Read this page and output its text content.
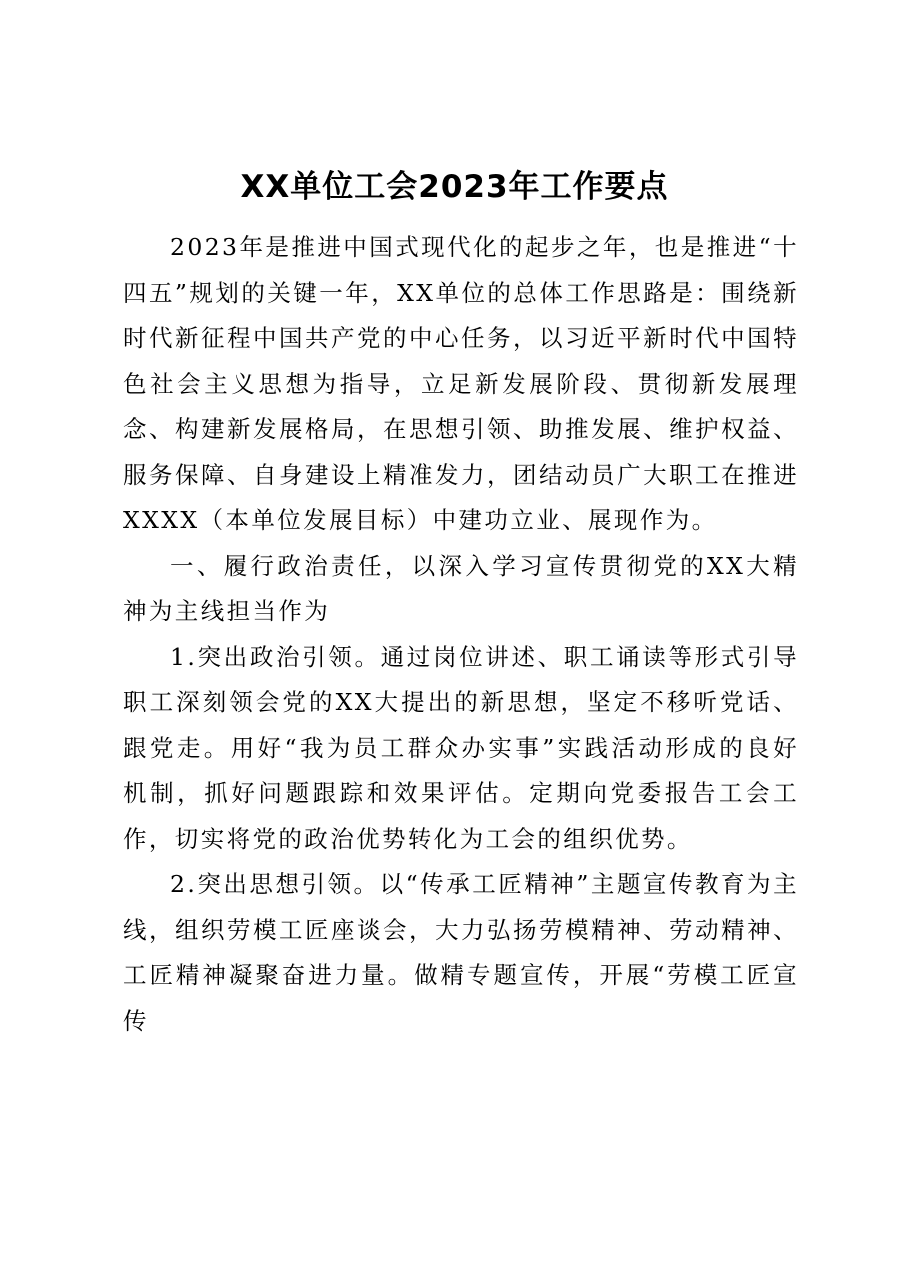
XX单位工会2023年工作要点

2023年是推进中国式现代化的起步之年，也是推进“十四五”规划的关键一年，XX单位的总体工作思路是：围绕新时代新征程中国共产党的中心任务，以习近平新时代中国特色社会主义思想为指导，立足新发展阶段、贯彻新发展理念、构建新发展格局，在思想引领、助推发展、维护权益、服务保障、自身建设上精准发力，团结动员广大职工在推进XXXX（本单位发展目标）中建功立业、展现作为。

一、履行政治责任，以深入学习宣传贯彻党的XX大精神为主线担当作为

1.突出政治引领。通过岗位讲述、职工诵读等形式引导职工深刻领会党的XX大提出的新思想，坚定不移听党话、跟党走。用好“我为员工群众办实事”实践活动形成的良好机制，抓好问题跟踪和效果评估。定期向党委报告工会工作，切实将党的政治优势转化为工会的组织优势。

2.突出思想引领。以“传承工匠精神”主题宣传教育为主线，组织劳模工匠座谈会，大力弘扬劳模精神、劳动精神、工匠精神凝聚奋进力量。做精专题宣传，开展“劳模工匠宣传
